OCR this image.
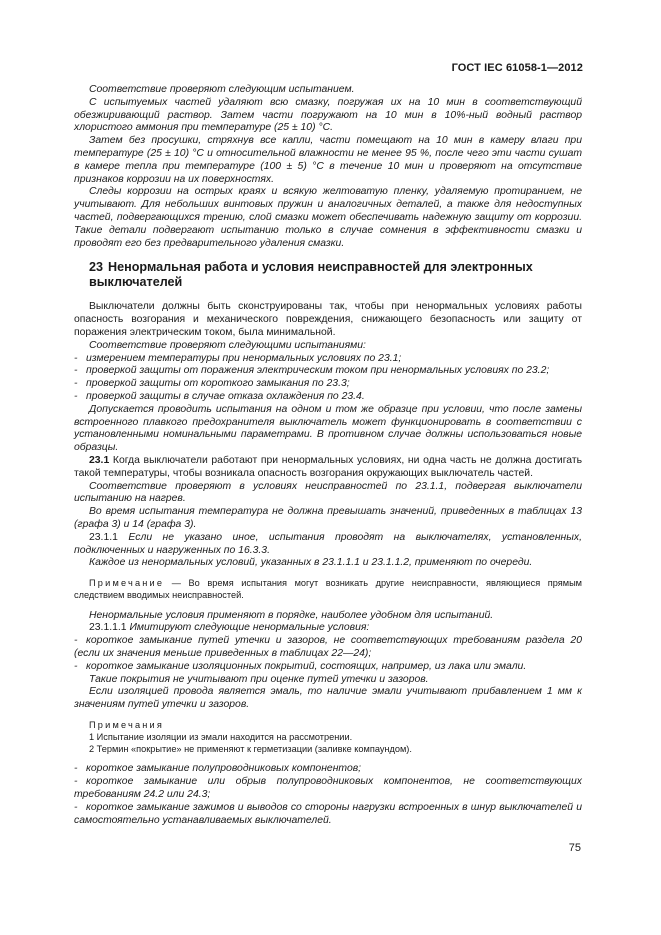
ГОСТ IEC 61058-1—2012

Соответствие проверяют следующим испытанием.

С испытуемых частей удаляют всю смазку, погружая их на 10 мин в соответствующий обезжиривающий раствор. Затем части погружают на 10 мин в 10%-ный водный раствор хлористого аммония при температуре (25 ± 10) °С.

Затем без просушки, стряхнув все капли, части помещают на 10 мин в камеру влаги при температуре (25 ± 10) °С и относительной влажности не менее 95 %, после чего эти части сушат в камере тепла при температуре (100 ± 5) °С в течение 10 мин и проверяют на отсутствие признаков коррозии на их поверхностях.

Следы коррозии на острых краях и всякую желтоватую пленку, удаляемую протиранием, не учитывают. Для небольших винтовых пружин и аналогичных деталей, а также для недоступных частей, подвергающихся трению, слой смазки может обеспечивать надежную защиту от коррозии. Такие детали подвергают испытанию только в случае сомнения в эффективности смазки и проводят его без предварительного удаления смазки.

23 Ненормальная работа и условия неисправностей для электронных выключателей

Выключатели должны быть сконструированы так, чтобы при ненормальных условиях работы опасность возгорания и механического повреждения, снижающего безопасность или защиту от поражения электрическим током, была минимальной.

Соответствие проверяют следующими испытаниями:

- измерением температуры при ненормальных условиях по 23.1;

- проверкой защиты от поражения электрическим током при ненормальных условиях по 23.2;

- проверкой защиты от короткого замыкания по 23.3;

- проверкой защиты в случае отказа охлаждения по 23.4.

Допускается проводить испытания на одном и том же образце при условии, что после замены встроенного плавкого предохранителя выключатель может функционировать в соответствии с установленными номинальными параметрами. В противном случае должны использоваться новые образцы.

23.1 Когда выключатели работают при ненормальных условиях, ни одна часть не должна достигать такой температуры, чтобы возникала опасность возгорания окружающих выключатель частей.

Соответствие проверяют в условиях неисправностей по 23.1.1, подвергая выключатели испытанию на нагрев.

Во время испытания температура не должна превышать значений, приведенных в таблицах 13 (графа 3) и 14 (графа 3).

23.1.1 Если не указано иное, испытания проводят на выключателях, установленных, подключенных и нагруженных по 16.3.3.

Каждое из ненормальных условий, указанных в 23.1.1.1 и 23.1.1.2, применяют по очереди.

Примечание — Во время испытания могут возникать другие неисправности, являющиеся прямым следствием вводимых неисправностей.

Ненормальные условия применяют в порядке, наиболее удобном для испытаний.

23.1.1.1 Имитируют следующие ненормальные условия:

- короткое замыкание путей утечки и зазоров, не соответствующих требованиям раздела 20 (если их значения меньше приведенных в таблицах 22—24);

- короткое замыкание изоляционных покрытий, состоящих, например, из лака или эмали.

Такие покрытия не учитывают при оценке путей утечки и зазоров.

Если изоляцией провода является эмаль, то наличие эмали учитывают прибавлением 1 мм к значениям путей утечки и зазоров.

Примечания

1 Испытание изоляции из эмали находится на рассмотрении.

2 Термин «покрытие» не применяют к герметизации (заливке компаундом).

- короткое замыкание полупроводниковых компонентов;

- короткое замыкание или обрыв полупроводниковых компонентов, не соответствующих требованиям 24.2 или 24.3;

- короткое замыкание зажимов и выводов со стороны нагрузки встроенных в шнур выключателей и самостоятельно устанавливаемых выключателей.

75
